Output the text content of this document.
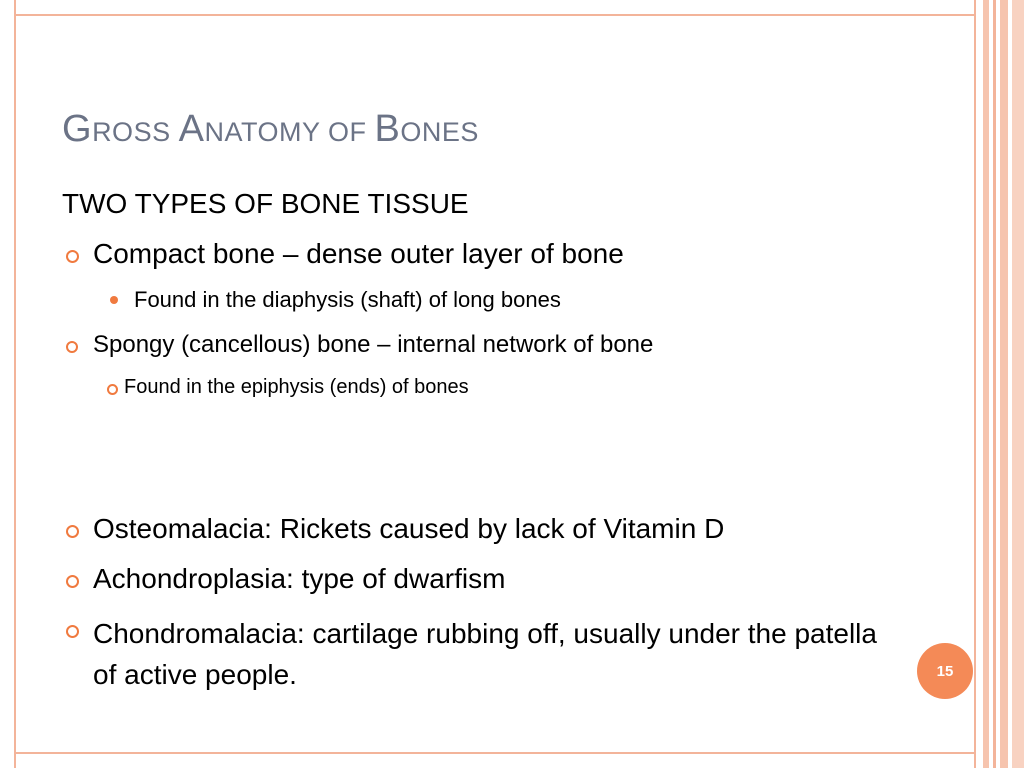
GROSS ANATOMY OF BONES
TWO TYPES OF BONE TISSUE
Compact bone – dense outer layer of bone
Found in the diaphysis (shaft) of long bones
Spongy (cancellous) bone – internal network of bone
Found in the epiphysis (ends) of bones
Osteomalacia: Rickets caused by lack of Vitamin D
Achondroplasia: type of dwarfism
Chondromalacia: cartilage rubbing off, usually under the patella of active people.	15
